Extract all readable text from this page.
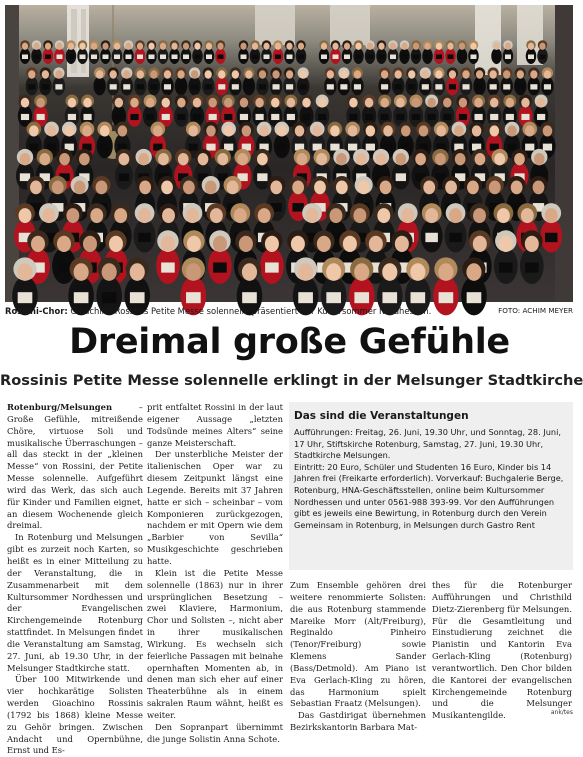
Rossini-Chor: Gioachino Rossinis Petite Messe solennelle präsentiert der Kultursommer Nordhessen.	FOTO: ACHIM MEYER
Dreimal große Gefühle
Rossinis Petite Messe solennelle erklingt in der Melsunger Stadtkirche

Rotenburg/Melsungen – Große Gefühle, mitreißende Chöre, virtuose Soli und musikalische Überraschungen – all das steckt in der „kleinen Messe“ von Rossini, der Petite Messe solennelle. Aufgeführt wird das Werk, das sich auch für Kinder und Familien eignet, an diesem Wochenende gleich dreimal.

In Rotenburg und Melsungen gibt es zurzeit noch Karten, so heißt es in einer Mitteilung zu der Veranstaltung, die in Zusammenarbeit mit dem Kultursommer Nordhessen und der Evangelischen Kirchengemeinde Rotenburg stattfindet. In Melsungen findet die Veranstaltung am Samstag, 27. Juni, ab 19.30 Uhr, in der Melsunger Stadtkirche statt.

Über 100 Mitwirkende und vier hochkarätige Solisten werden Gioachino Rossinis (1792 bis 1868) kleine Messe zu Gehör bringen. Zwischen Andacht und Opernbühne, Ernst und Es-

prit entfaltet Rossini in der laut eigener Aussage „letzten Todsünde meines Alters“ seine ganze Meisterschaft.

Der unsterbliche Meister der italienischen Oper war zu diesem Zeitpunkt längst eine Legende. Bereits mit 37 Jahren hatte er sich – scheinbar – vom Komponieren zurückgezogen, nachdem er mit Opern wie dem „Barbier von Sevilla“ Musikgeschichte geschrieben hatte.

Klein ist die Petite Messe solennelle (1863) nur in ihrer ursprünglichen Besetzung – zwei Klaviere, Harmonium, Chor und Solisten –, nicht aber in ihrer musikalischen Wirkung. Es wechseln sich feierliche Passagen mit beinahe opernhaften Momenten ab, in denen man sich eher auf einer Theaterbühne als in einem sakralen Raum wähnt, heißt es weiter.

Den Sopranpart übernimmt die junge Solistin Anna Schote.

Das sind die Veranstaltungen

Aufführungen: Freitag, 26. Juni, 19.30 Uhr, und Sonntag, 28. Juni, 17 Uhr, Stiftskirche Rotenburg, Samstag, 27. Juni, 19.30 Uhr, Stadtkirche Melsungen.

Eintritt: 20 Euro, Schüler und Studenten 16 Euro, Kinder bis 14 Jahren frei (Freikarte erforderlich). Vorverkauf: Buchgalerie Berge, Rotenburg, HNA-Geschäftsstellen, online beim Kultursommer Nordhessen und unter 0561-988 393-99. Vor den Aufführungen gibt es jeweils eine Bewirtung, in Rotenburg durch den Verein Gemeinsam in Rotenburg, in Melsungen durch Gastro Rent

Zum Ensemble gehören drei weitere renommierte Solisten: die aus Rotenburg stammende Mareike Morr (Alt/Freiburg), Reginaldo Pinheiro (Tenor/Freiburg) sowie Klemens Sander (Bass/Detmold). Am Piano ist Eva Gerlach-Kling zu hören, das Harmonium spielt Sebastian Fraatz (Melsungen).

Das Gastdirigat übernehmen Bezirkskantorin Barbara Mat-

thes für die Rotenburger Aufführungen und Christhild Dietz-Zierenberg für Melsungen. Für die Gesamtleitung und Einstudierung zeichnet die Pianistin und Kantorin Eva Gerlach-Kling (Rotenburg) verantwortlich. Den Chor bilden die Kantorei der evangelischen Kirchengemeinde Rotenburg und die Melsunger Musikantengilde.	ank/tes
